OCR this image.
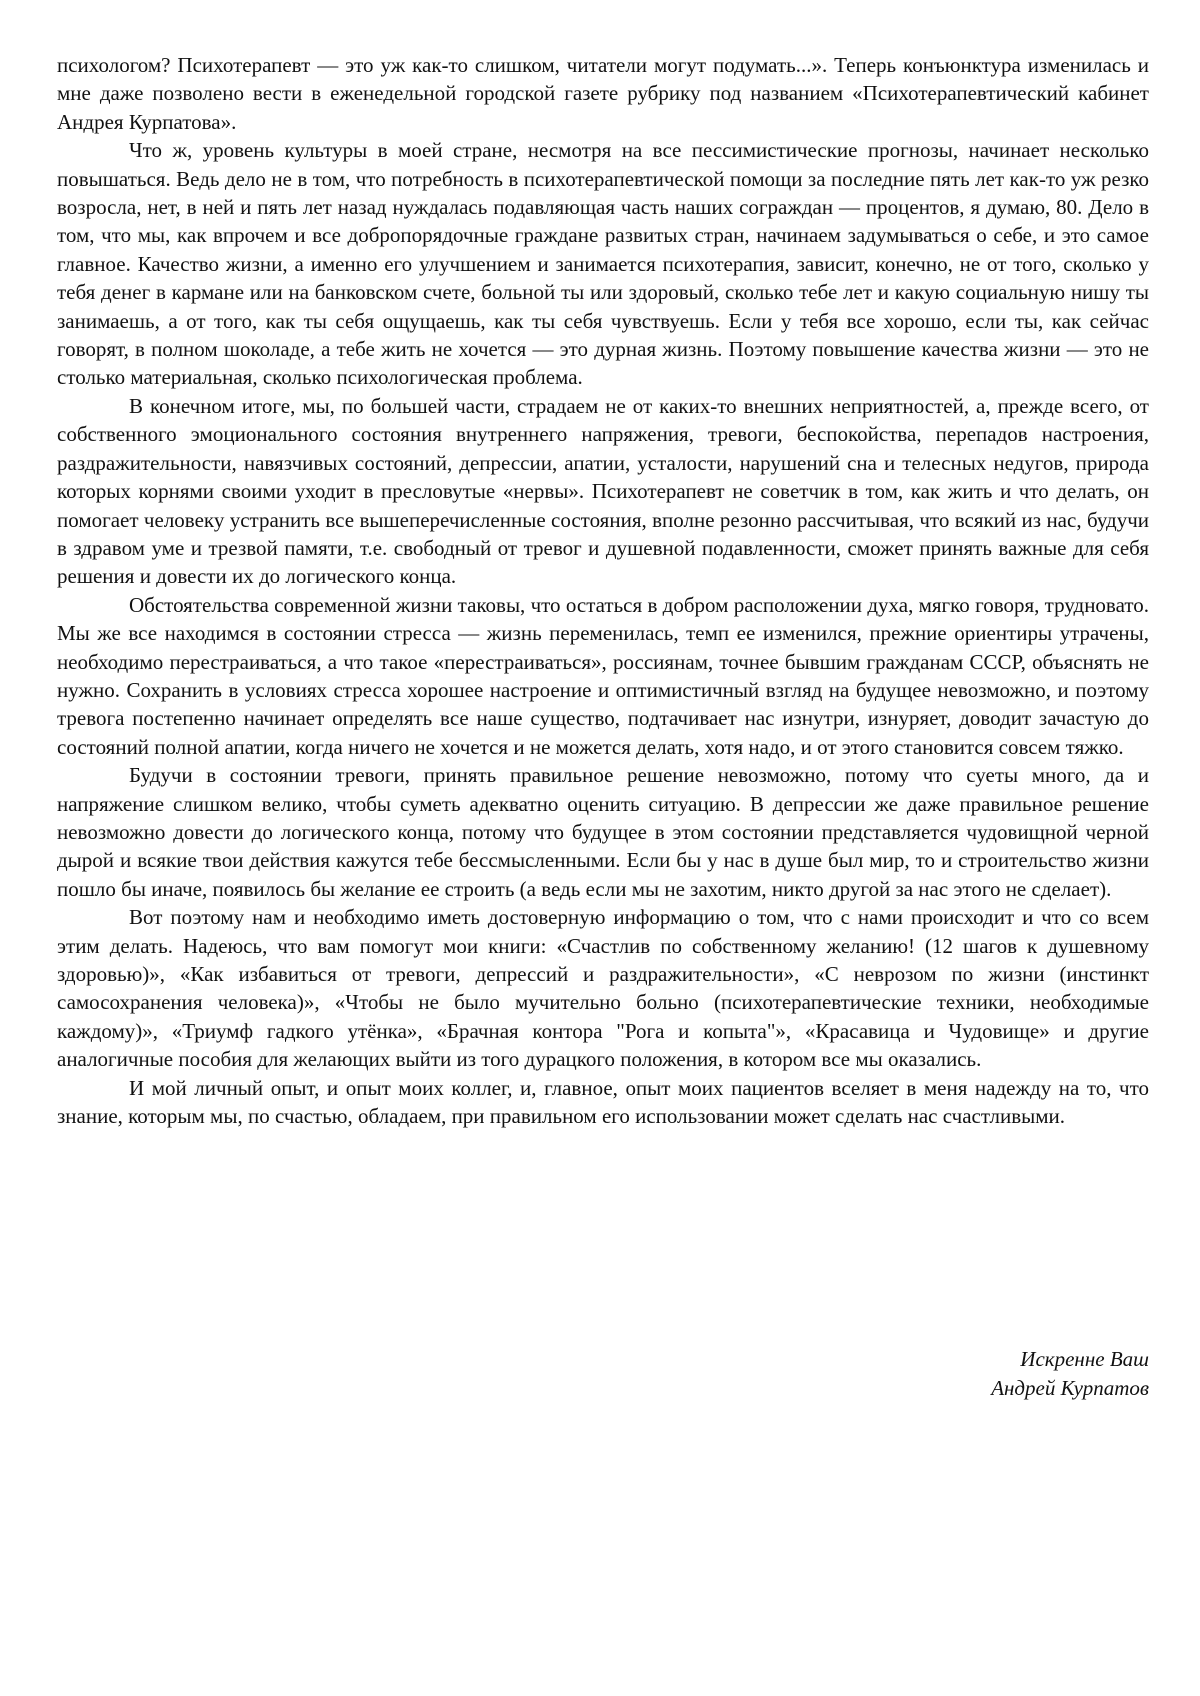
психологом? Психотерапевт — это уж как-то слишком, читатели могут подумать...». Теперь конъюнктура изменилась и мне даже позволено вести в еженедельной городской газете рубрику под названием «Психотерапевтический кабинет Андрея Курпатова».

Что ж, уровень культуры в моей стране, несмотря на все пессимистические прогнозы, начинает несколько повышаться. Ведь дело не в том, что потребность в психотерапевтической помощи за последние пять лет как-то уж резко возросла, нет, в ней и пять лет назад нуждалась подавляющая часть наших сограждан — процентов, я думаю, 80. Дело в том, что мы, как впрочем и все добропорядочные граждане развитых стран, начинаем задумываться о себе, и это самое главное. Качество жизни, а именно его улучшением и занимается психотерапия, зависит, конечно, не от того, сколько у тебя денег в кармане или на банковском счете, больной ты или здоровый, сколько тебе лет и какую социальную нишу ты занимаешь, а от того, как ты себя ощущаешь, как ты себя чувствуешь. Если у тебя все хорошо, если ты, как сейчас говорят, в полном шоколаде, а тебе жить не хочется — это дурная жизнь. Поэтому повышение качества жизни — это не столько материальная, сколько психологическая проблема.

В конечном итоге, мы, по большей части, страдаем не от каких-то внешних неприятностей, а, прежде всего, от собственного эмоционального состояния внутреннего напряжения, тревоги, беспокойства, перепадов настроения, раздражительности, навязчивых состояний, депрессии, апатии, усталости, нарушений сна и телесных недугов, природа которых корнями своими уходит в пресловутые «нервы». Психотерапевт не советчик в том, как жить и что делать, он помогает человеку устранить все вышеперечисленные состояния, вполне резонно рассчитывая, что всякий из нас, будучи в здравом уме и трезвой памяти, т.е. свободный от тревог и душевной подавленности, сможет принять важные для себя решения и довести их до логического конца.

Обстоятельства современной жизни таковы, что остаться в добром расположении духа, мягко говоря, трудновато. Мы же все находимся в состоянии стресса — жизнь переменилась, темп ее изменился, прежние ориентиры утрачены, необходимо перестраиваться, а что такое «перестраиваться», россиянам, точнее бывшим гражданам СССР, объяснять не нужно. Сохранить в условиях стресса хорошее настроение и оптимистичный взгляд на будущее невозможно, и поэтому тревога постепенно начинает определять все наше существо, подтачивает нас изнутри, изнуряет, доводит зачастую до состояний полной апатии, когда ничего не хочется и не можется делать, хотя надо, и от этого становится совсем тяжко.

Будучи в состоянии тревоги, принять правильное решение невозможно, потому что суеты много, да и напряжение слишком велико, чтобы суметь адекватно оценить ситуацию. В депрессии же даже правильное решение невозможно довести до логического конца, потому что будущее в этом состоянии представляется чудовищной черной дырой и всякие твои действия кажутся тебе бессмысленными. Если бы у нас в душе был мир, то и строительство жизни пошло бы иначе, появилось бы желание ее строить (а ведь если мы не захотим, никто другой за нас этого не сделает).

Вот поэтому нам и необходимо иметь достоверную информацию о том, что с нами происходит и что со всем этим делать. Надеюсь, что вам помогут мои книги: «Счастлив по собственному желанию! (12 шагов к душевному здоровью)», «Как избавиться от тревоги, депрессий и раздражительности», «С неврозом по жизни (инстинкт самосохранения человека)», «Чтобы не было мучительно больно (психотерапевтические техники, необходимые каждому)», «Триумф гадкого утёнка», «Брачная контора "Рога и копыта"», «Красавица и Чудовище» и другие аналогичные пособия для желающих выйти из того дурацкого положения, в котором все мы оказались.

И мой личный опыт, и опыт моих коллег, и, главное, опыт моих пациентов вселяет в меня надежду на то, что знание, которым мы, по счастью, обладаем, при правильном его использовании может сделать нас счастливыми.

Искренне Ваш
Андрей Курпатов
